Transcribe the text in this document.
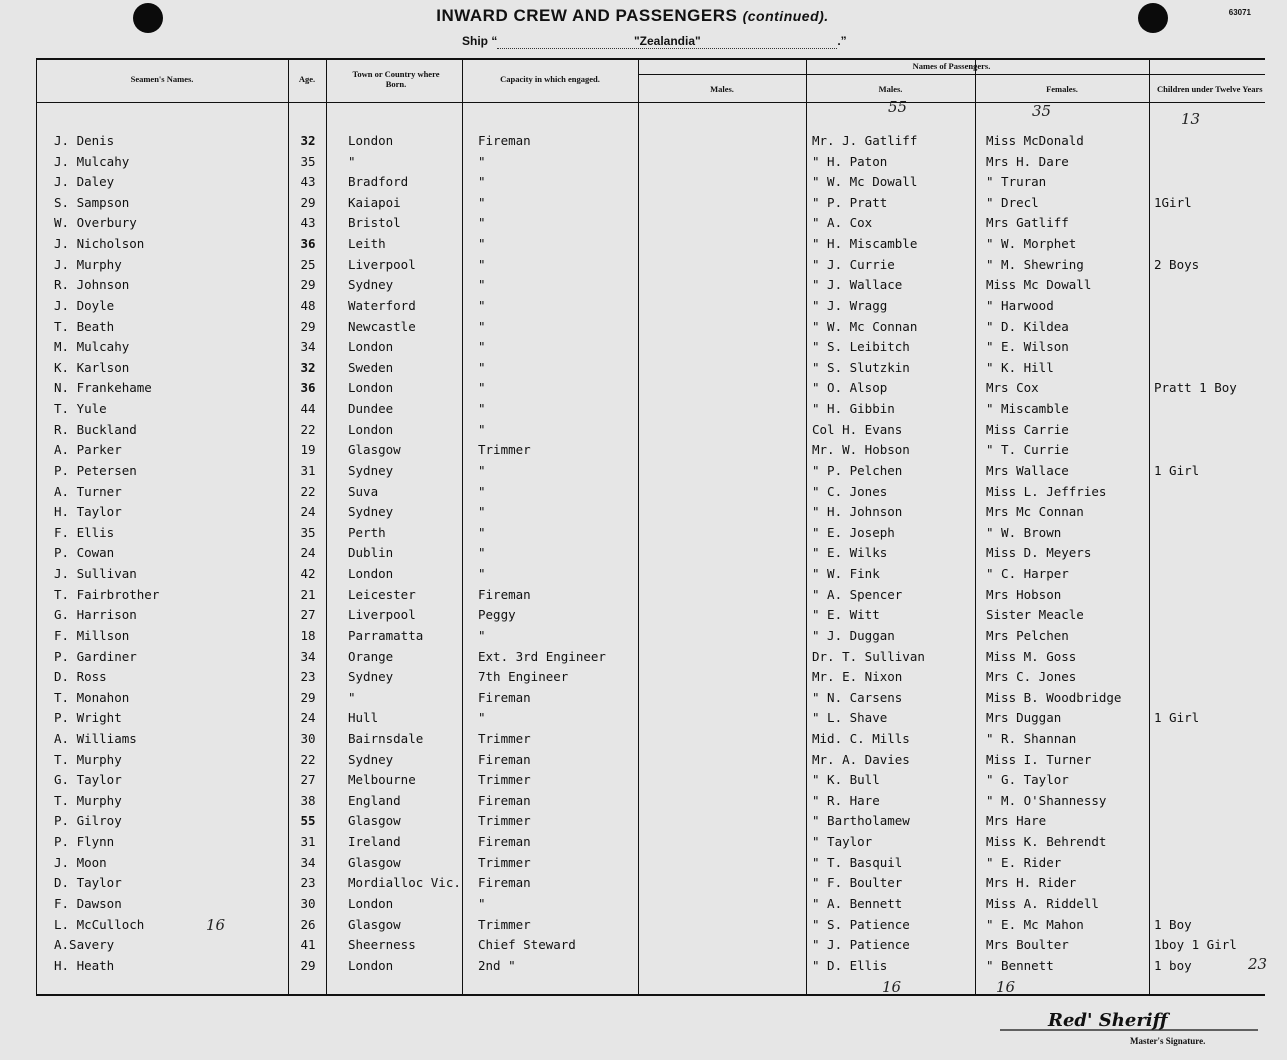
INWARD CREW AND PASSENGERS (continued).	63071
Ship “	"Zealandia"	.”
Seamen's Names.	Age.	Town or Country where Born.	Capacity in which engaged.
Names of Passengers.
Males.	Males.	Females.	Children under Twelve Years
55	35	13
J. Denis	32	London	Fireman	Mr. J. Gatliff	Miss McDonald
J. Mulcahy	35	"	"	" H. Paton	Mrs H. Dare
J. Daley	43	Bradford	"	" W. Mc Dowall	" Truran
S. Sampson	29	Kaiapoi	"	" P. Pratt	" Drecl	1Girl
W. Overbury	43	Bristol	"	" A. Cox	Mrs Gatliff
J. Nicholson	36	Leith	"	" H. Miscamble	" W. Morphet
J. Murphy	25	Liverpool	"	" J. Currie	" M. Shewring	2 Boys
R. Johnson	29	Sydney	"	" J. Wallace	Miss Mc Dowall
J. Doyle	48	Waterford	"	" J. Wragg	" Harwood
T. Beath	29	Newcastle	"	" W. Mc Connan	" D. Kildea
M. Mulcahy	34	London	"	" S. Leibitch	" E. Wilson
K. Karlson	32	Sweden	"	" S. Slutzkin	" K. Hill
N. Frankehame	36	London	"	" O. Alsop	Mrs Cox	Pratt 1 Boy
T. Yule	44	Dundee	"	" H. Gibbin	" Miscamble
R. Buckland	22	London	"	Col H. Evans	Miss Carrie
A. Parker	19	Glasgow	Trimmer	Mr. W. Hobson	" T. Currie
P. Petersen	31	Sydney	"	" P. Pelchen	Mrs Wallace	1 Girl
A. Turner	22	Suva	"	" C. Jones	Miss L. Jeffries
H. Taylor	24	Sydney	"	" H. Johnson	Mrs Mc Connan
F. Ellis	35	Perth	"	" E. Joseph	" W. Brown
P. Cowan	24	Dublin	"	" E. Wilks	Miss D. Meyers
J. Sullivan	42	London	"	" W. Fink	" C. Harper
T. Fairbrother	21	Leicester	Fireman	" A. Spencer	Mrs Hobson
G. Harrison	27	Liverpool	Peggy	" E. Witt	Sister Meacle
F. Millson	18	Parramatta	"	" J. Duggan	Mrs Pelchen
P. Gardiner	34	Orange	Ext. 3rd Engineer	Dr. T. Sullivan	Miss M. Goss
D. Ross	23	Sydney	7th Engineer	Mr. E. Nixon	Mrs C. Jones
T. Monahon	29	"	Fireman	" N. Carsens	Miss B. Woodbridge
P. Wright	24	Hull	"	" L. Shave	Mrs Duggan	1 Girl
A. Williams	30	Bairnsdale	Trimmer	Mid. C. Mills	" R. Shannan
T. Murphy	22	Sydney	Fireman	Mr. A. Davies	Miss I. Turner
G. Taylor	27	Melbourne	Trimmer	" K. Bull	" G. Taylor
T. Murphy	38	England	Fireman	" R. Hare	" M. O'Shannessy
P. Gilroy	55	Glasgow	Trimmer	" Bartholamew	Mrs Hare
P. Flynn	31	Ireland	Fireman	" Taylor	Miss K. Behrendt
J. Moon	34	Glasgow	Trimmer	" T. Basquil	" E. Rider
D. Taylor	23	Mordialloc Vic. Fireman	" F. Boulter	Mrs H. Rider
F. Dawson	30	London	"	" A. Bennett	Miss A. Riddell
L. McCulloch	26	Glasgow	Trimmer	" S. Patience	" E. Mc Mahon	1 Boy
A.Savery	41	Sheerness	Chief Steward	" J. Patience	Mrs Boulter	1boy 1 Girl
H. Heath	29	London	2nd "	" D. Ellis	" Bennett	1 boy
16
16	16
23
Red' Sheriff
Master's Signature.
